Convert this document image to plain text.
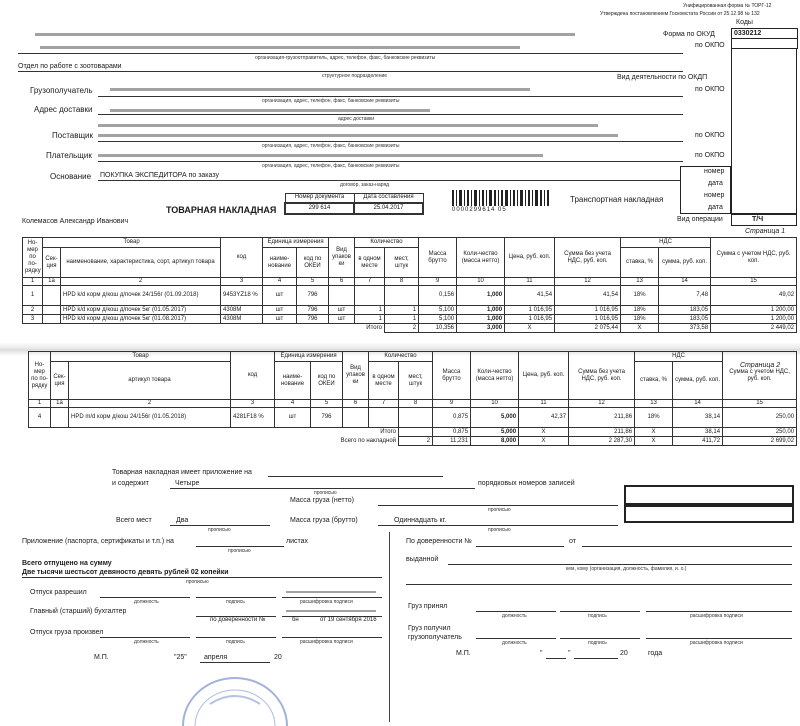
Унифицированная форма № ТОРГ-12
Утверждена постановлением Госкомстата России от 25.12.98 № 132
Коды
0330212

Т/Ч
Форма по ОКУД
по ОКПО
Вид деятельности по ОКДП
по ОКПО
по ОКПО
по ОКПО
Вид операции
номер
дата
номер
дата
организация-грузоотправитель, адрес, телефон, факс, банковские реквизиты
Отдел по работе с зоотоварами
структурное подразделение
Грузополучатель
организация, адрес, телефон, факс, банковские реквизиты
Адрес доставки
адрес доставки
Поставщик
организация, адрес, телефон, факс, банковские реквизиты
Плательщик
организация, адрес, телефон, факс, банковские реквизиты
Основание ПОКУПКА ЭКСПЕДИТОРА по заказу
договор, заказ-наряд
ТОВАРНАЯ НАКЛАДНАЯ
Номер документа	Дата составления
299 614	25.04.2017	0000299614 05
Транспортная накладная
Колемасов Александр Иванович
Страница 1
Но-мер по по-рядку	Товар		код	Единица измерения		Вид упаков ки	Количество		Масса брутто	Коли-чество (масса нетто)	Цена, руб. коп.	Сумма без учета НДС, руб. коп.	НДС		Сумма с учетом НДС, руб. коп.
	Сек-ция	наименование, характеристика, сорт, артикул товара		наиме-нование	код по ОКЕИ		в одном месте	мест, штук					ставка, %	сумма, руб. коп.	
1	1a	2	3	4	5	6	7	8	9	10	11	12	13	14	15
1		HPD k/d корм д/кош д/почек 24/156г (01.09.2018)	9453YZ18 %	шт	796				0,156	1,000	41,54	41,54	18%	7,48	49,02
2		HPD k/d корм д/кош д/почек 5кг (01.05.2017)	4308M	шт	796	шт	1	1	5,100	1,000	1 016,95	1 016,95	18%	183,05	1 200,00
3		HPD k/d корм д/кош д/почек 5кг (01.08.2017)	4308M	шт	796	шт	1	1	5,100	1,000	1 016,95	1 016,95	18%	183,05	1 200,00
Итого								2	10,356	3,000	X	2 075,44	X	373,58	2 449,02
Страница 2
Но-мер по по-рядку	Товар		код	Единица измерения		Вид упаков ки	Количество		Масса брутто	Коли-чество (масса нетто)	Цена, руб. коп.	Сумма без учета НДС, руб. коп.	НДС		Сумма с учетом НДС, руб. коп.
	Сек-ция	артикул товара		наиме-нование	код по ОКЕИ		в одном месте	мест, штук					ставка, %	сумма, руб. коп.	
1	1a	2	3	4	5	6	7	8	9	10	11	12	13	14	15
4		HPD m/d корм д/кош 24/156г (01.05.2018)	4281F18 %	шт	796				0,875	5,000	42,37	211,86	18%	38,14	250,00
Итого									0,875	5,000	X	211,86	X	38,14	250,00
Всего по накладной								2	11,231	8,000	X	2 287,30	X	411,72	2 699,02
Товарная накладная имеет приложение на
и содержит	Четыре	порядковых номеров записей
прописью
Масса груза (нетто)
прописью
Всего мест	Два
прописью
Масса груза (брутто)	Одиннадцать кг.
прописью
Приложение (паспорта, сертификаты и т.п.) на	листах
прописью
Всего отпущено на сумму
Две тысячи шестьсот девяносто девять рублей 02 копейки
прописью
Отпуск разрешил
должность	подпись	расшифровка подписи
Главный (старший) бухгалтер
по доверенности №	бн	от 19 сентября 2016
Отпуск груза произвел
должность	подпись	расшифровка подписи
М.П.	"25" апреля	20
По доверенности №	от
выданной
кем, кому (организация, должность, фамилия, и. о.)
Груз принял
должность	подпись	расшифровка подписи
Груз получил грузополучатель
должность	подпись	расшифровка подписи
М.П.	"	"	20	года
